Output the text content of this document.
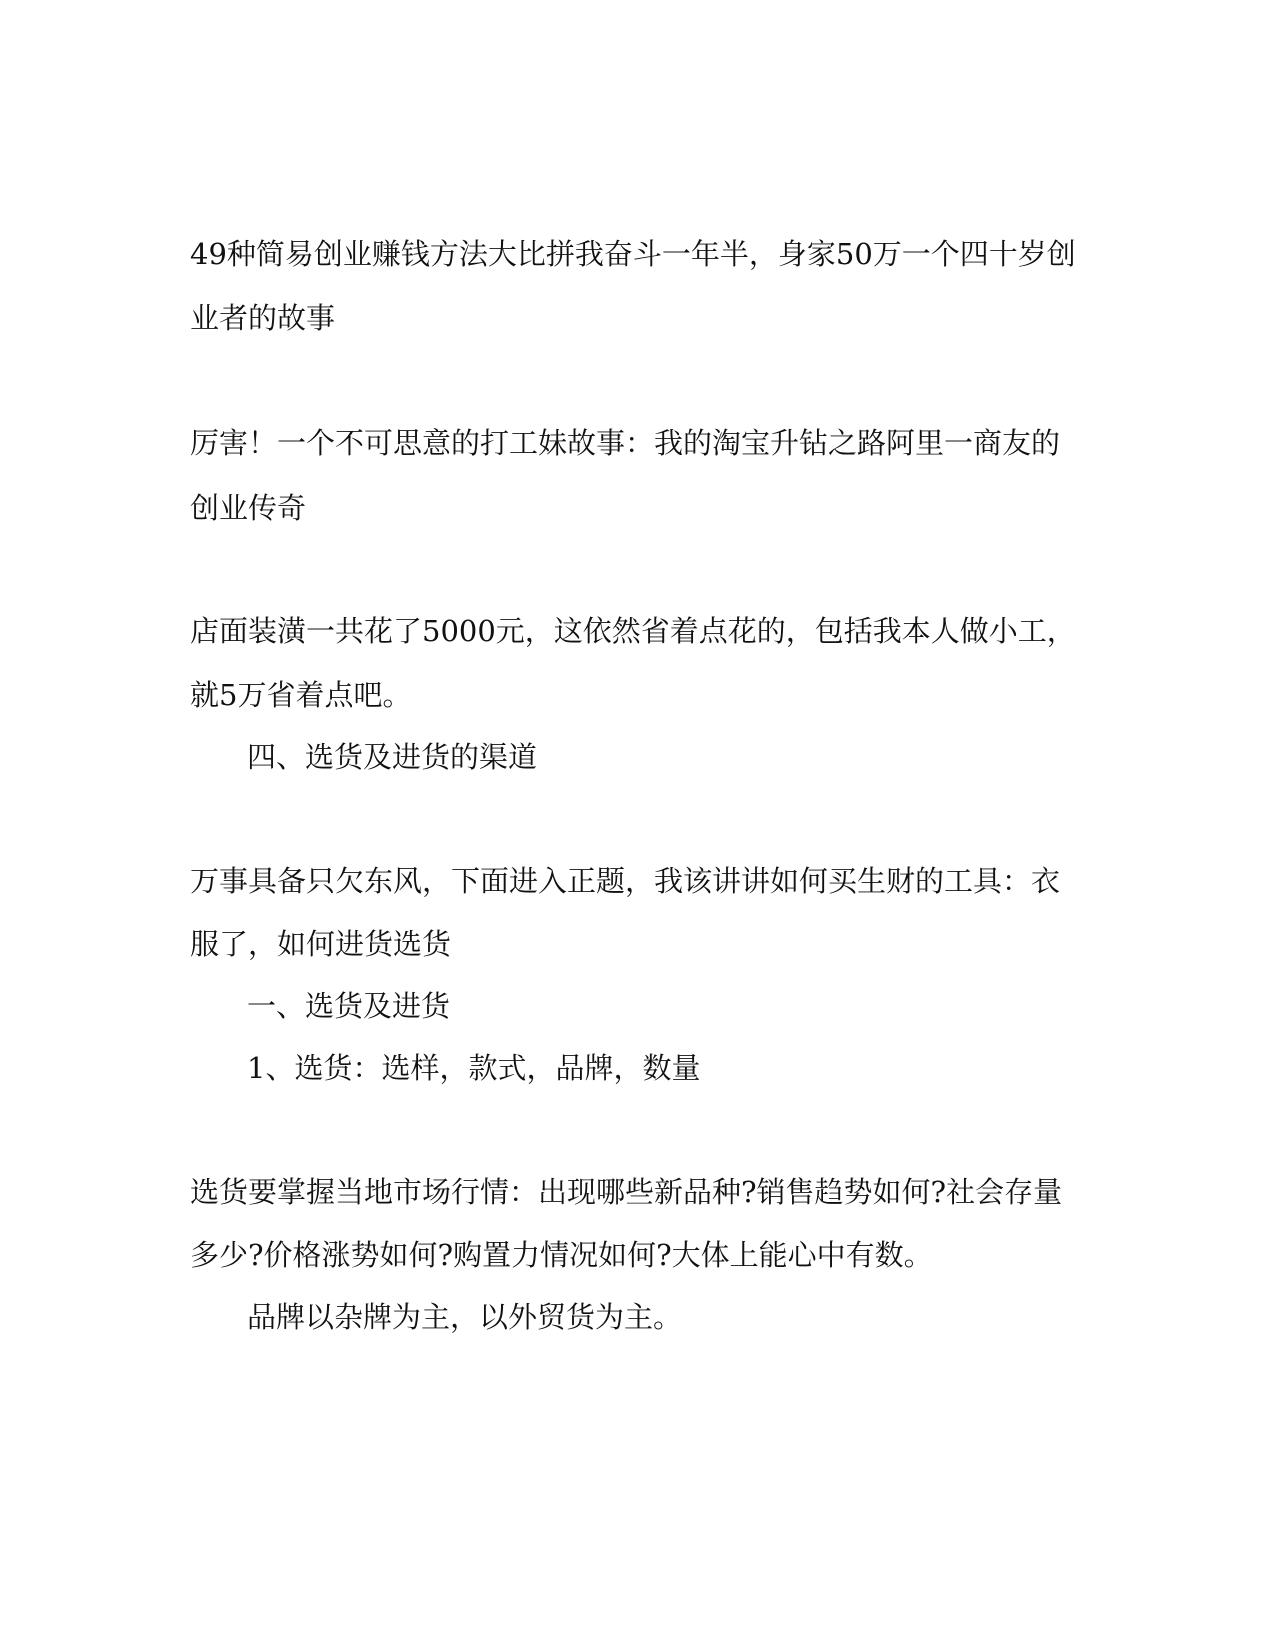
49种简易创业赚钱方法大比拼我奋斗一年半，身家50万一个四十岁创
业者的故事
厉害！一个不可思意的打工妹故事：我的淘宝升钻之路阿里一商友的
创业传奇
店面装潢一共花了5000元，这依然省着点花的，包括我本人做小工，
就5万省着点吧。
四、选货及进货的渠道
万事具备只欠东风，下面进入正题，我该讲讲如何买生财的工具：衣
服了，如何进货选货
一、选货及进货
1、选货：选样，款式，品牌，数量
选货要掌握当地市场行情：出现哪些新品种?销售趋势如何?社会存量
多少?价格涨势如何?购置力情况如何?大体上能心中有数。
品牌以杂牌为主，以外贸货为主。
